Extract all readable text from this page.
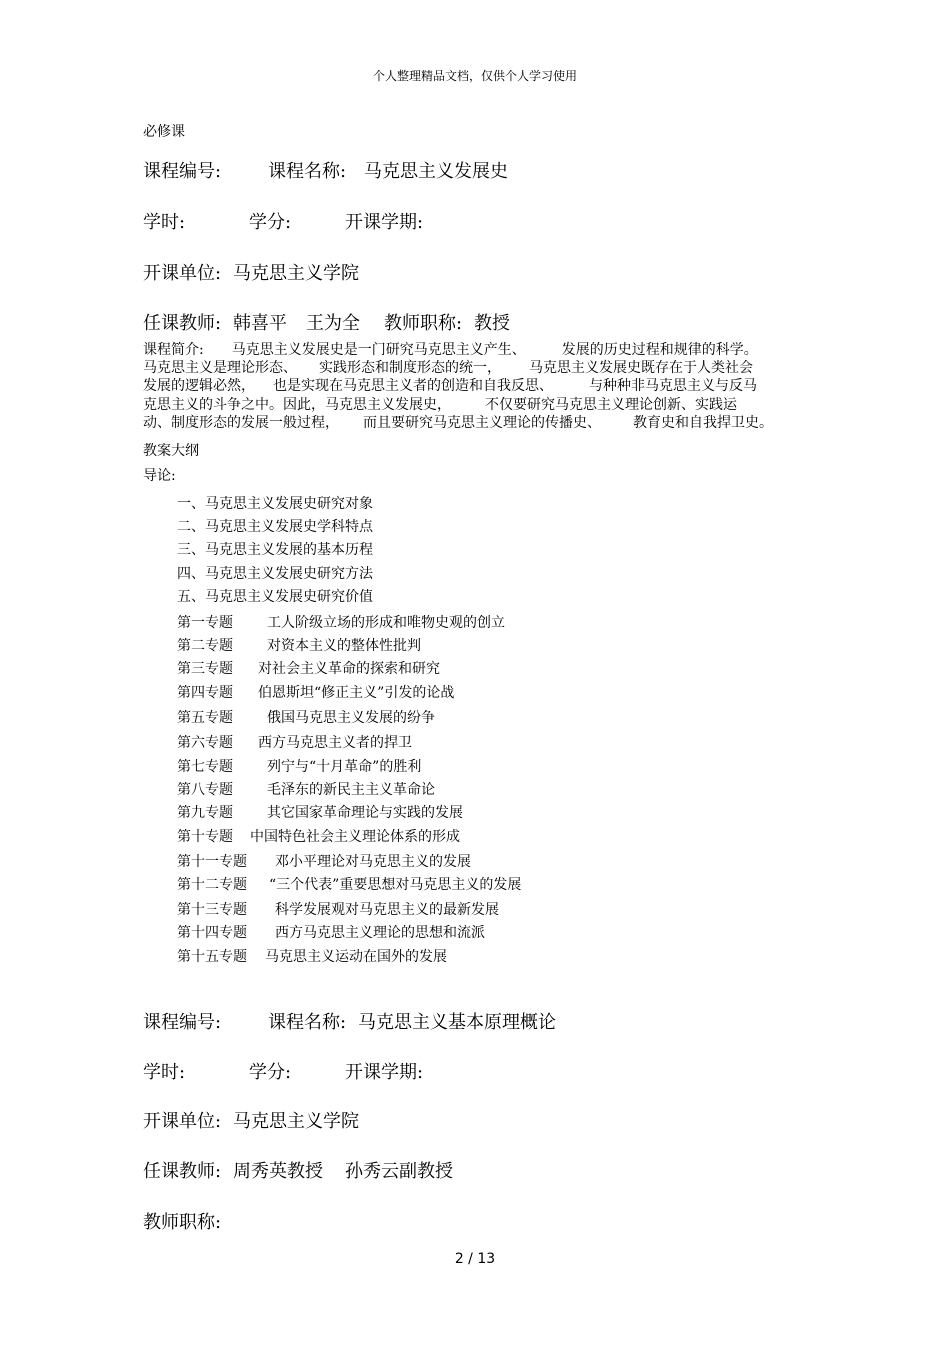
个人整理精品文档，仅供个人学习使用
必修课
课程编号:	课程名称: 马克思主义发展史
学时:	学分:	开课学期:
开课单位: 马克思主义学院
任课教师: 韩喜平 王为全 教师职称: 教授
课程简介: 马克思主义发展史是一门研究马克思主义产生、	发展的历史过程和规律的科学。
马克思主义是理论形态、 实践形态和制度形态的统一， 马克思主义发展史既存在于人类社会
发展的逻辑必然， 也是实现在马克思主义者的创造和自我反思、	与种种非马克思主义与反马
克思主义的斗争之中。因此，马克思主义发展史， 不仅要研究马克思主义理论创新、实践运
动、制度形态的发展一般过程， 而且要研究马克思主义理论的传播史、 教育史和自我捍卫史。
教案大纲
导论:
一、马克思主义发展史研究对象
二、马克思主义发展史学科特点
三、马克思主义发展的基本历程
四、马克思主义发展史研究方法
五、马克思主义发展史研究价值
第一专题 工人阶级立场的形成和唯物史观的创立
第二专题 对资本主义的整体性批判
第三专题 对社会主义革命的探索和研究
第四专题 伯恩斯坦“修正主义”引发的论战
第五专题 俄国马克思主义发展的纷争
第六专题 西方马克思主义者的捍卫
第七专题 列宁与“十月革命”的胜利
第八专题 毛泽东的新民主主义革命论
第九专题 其它国家革命理论与实践的发展
第十专题 中国特色社会主义理论体系的形成
第十一专题 邓小平理论对马克思主义的发展
第十二专题 “三个代表”重要思想对马克思主义的发展
第十三专题 科学发展观对马克思主义的最新发展
第十四专题 西方马克思主义理论的思想和流派
第十五专题 马克思主义运动在国外的发展
课程编号:	课程名称: 马克思主义基本原理概论
学时:	学分:	开课学期:
开课单位: 马克思主义学院
任课教师: 周秀英教授 孙秀云副教授
教师职称:
2 / 13
